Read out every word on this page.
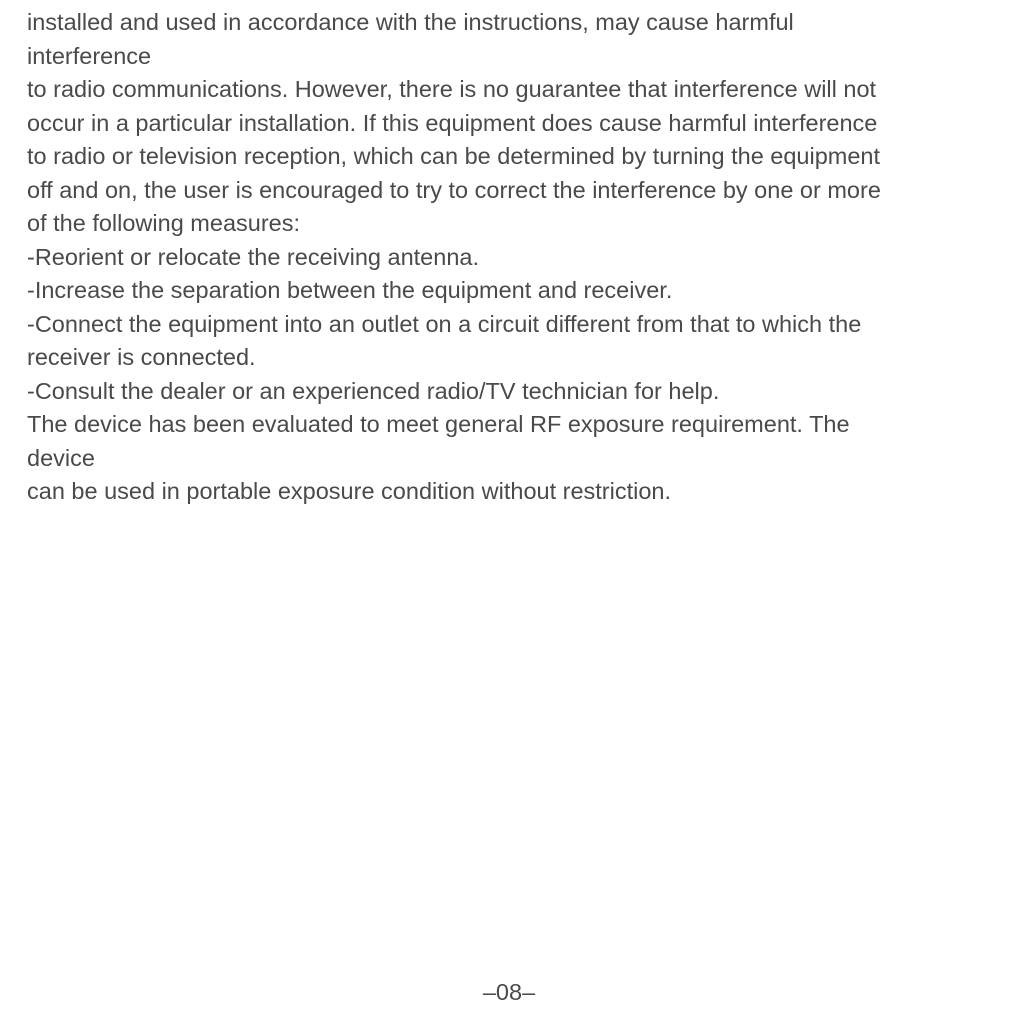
installed and used in accordance with the instructions, may cause harmful
interference
to radio communications. However, there is no guarantee that interference will not
occur in a particular installation. If this equipment does cause harmful interference
to radio or television reception, which can be determined by turning the equipment
off and on, the user is encouraged to try to correct the interference by one or more
of the following measures:
-Reorient or relocate the receiving antenna.
-Increase the separation between the equipment and receiver.
-Connect the equipment into an outlet on a circuit different from that to which the
receiver is connected.
-Consult the dealer or an experienced radio/TV technician for help.
The device has been evaluated to meet general RF exposure requirement. The
device
can be used in portable exposure condition without restriction.
–08–
